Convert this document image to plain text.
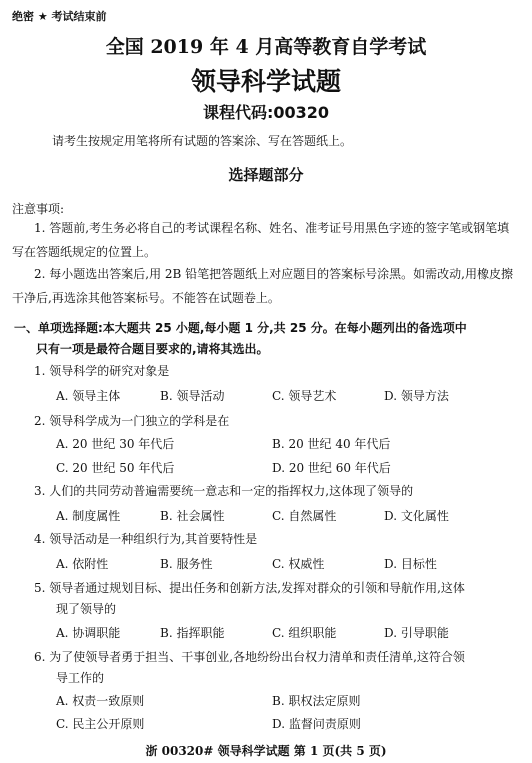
绝密 ★ 考试结束前
全国 2019 年 4 月高等教育自学考试
领导科学试题
课程代码:00320
请考生按规定用笔将所有试题的答案涂、写在答题纸上。
选择题部分
注意事项:
1. 答题前,考生务必将自己的考试课程名称、姓名、准考证号用黑色字迹的签字笔或钢笔填写在答题纸规定的位置上。
2. 每小题选出答案后,用 2B 铅笔把答题纸上对应题目的答案标号涂黑。如需改动,用橡皮擦干净后,再选涂其他答案标号。不能答在试题卷上。
一、单项选择题:本大题共 25 小题,每小题 1 分,共 25 分。在每小题列出的备选项中
只有一项是最符合题目要求的,请将其选出。
1. 领导科学的研究对象是
A. 领导主体	B. 领导活动	C. 领导艺术	D. 领导方法
2. 领导科学成为一门独立的学科是在
A. 20 世纪 30 年代后	B. 20 世纪 40 年代后
C. 20 世纪 50 年代后	D. 20 世纪 60 年代后
3. 人们的共同劳动普遍需要统一意志和一定的指挥权力,这体现了领导的
A. 制度属性	B. 社会属性	C. 自然属性	D. 文化属性
4. 领导活动是一种组织行为,其首要特性是
A. 依附性	B. 服务性	C. 权威性	D. 目标性
5. 领导者通过规划目标、提出任务和创新方法,发挥对群众的引领和导航作用,这体
现了领导的
A. 协调职能	B. 指挥职能	C. 组织职能	D. 引导职能
6. 为了使领导者勇于担当、干事创业,各地纷纷出台权力清单和责任清单,这符合领
导工作的
A. 权责一致原则	B. 职权法定原则
C. 民主公开原则	D. 监督问责原则
浙 00320# 领导科学试题 第 1 页(共 5 页)
